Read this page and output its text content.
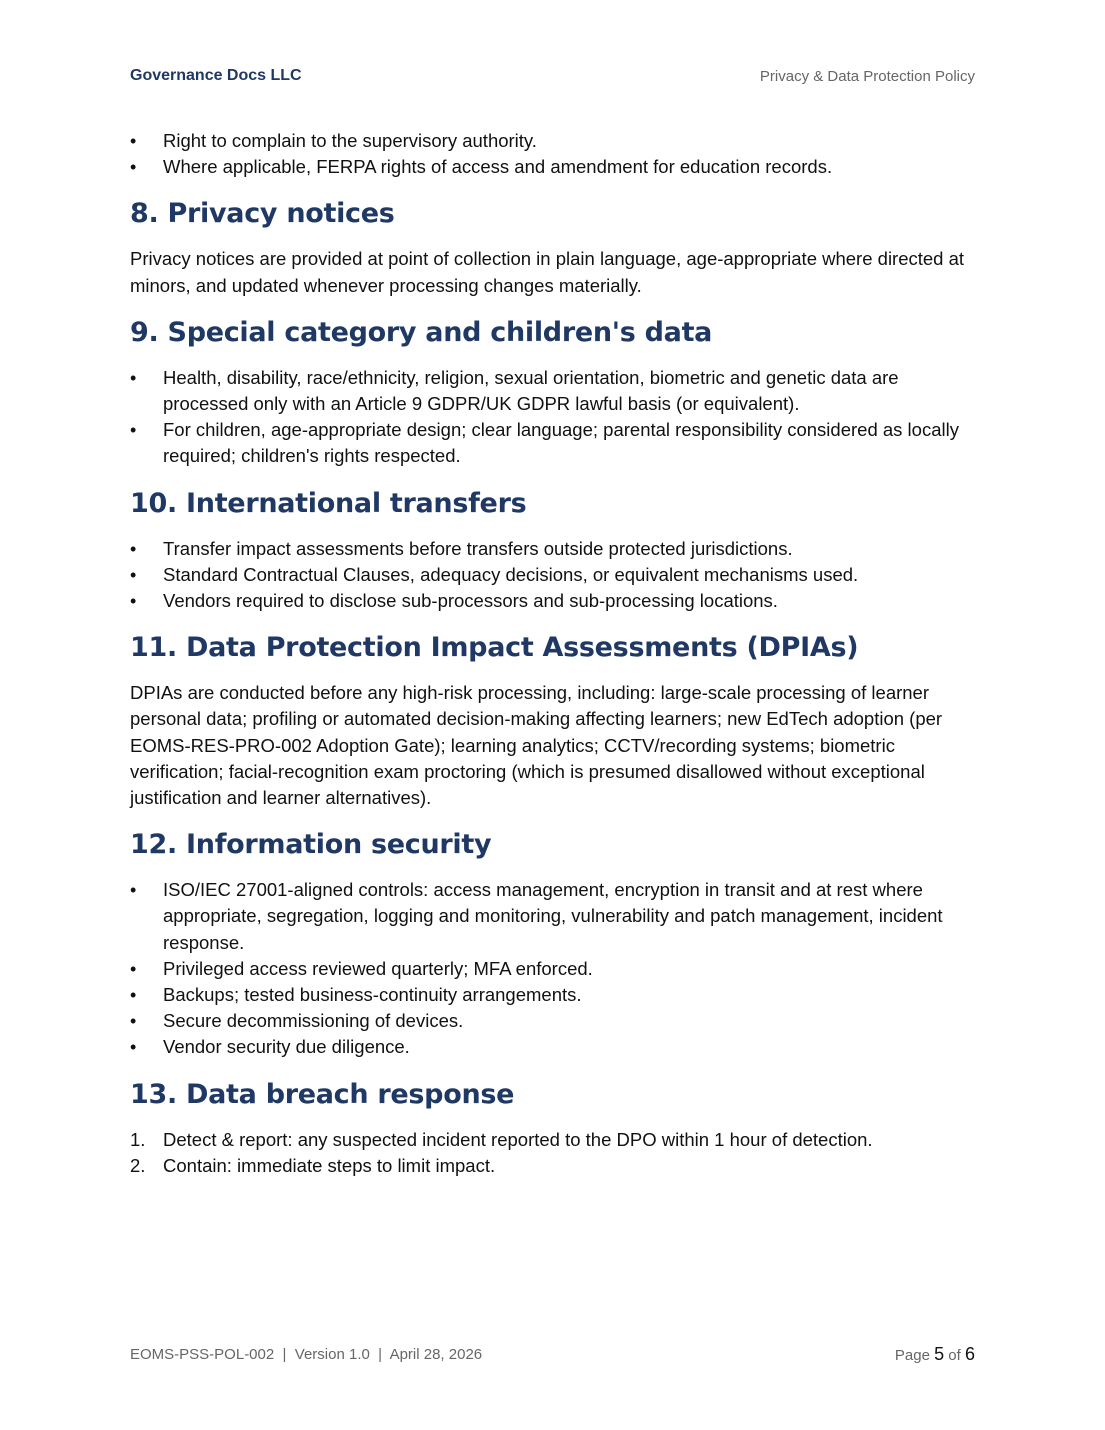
Governance Docs LLC	Privacy & Data Protection Policy
• Right to complain to the supervisory authority.
• Where applicable, FERPA rights of access and amendment for education records.
8. Privacy notices

Privacy notices are provided at point of collection in plain language, age-appropriate where directed at minors, and updated whenever processing changes materially.

9. Special category and children's data
• Health, disability, race/ethnicity, religion, sexual orientation, biometric and genetic data are processed only with an Article 9 GDPR/UK GDPR lawful basis (or equivalent).
• For children, age-appropriate design; clear language; parental responsibility considered as locally required; children's rights respected.
10. International transfers
• Transfer impact assessments before transfers outside protected jurisdictions.
• Standard Contractual Clauses, adequacy decisions, or equivalent mechanisms used.
• Vendors required to disclose sub-processors and sub-processing locations.
11. Data Protection Impact Assessments (DPIAs)

DPIAs are conducted before any high-risk processing, including: large-scale processing of learner personal data; profiling or automated decision-making affecting learners; new EdTech adoption (per EOMS-RES-PRO-002 Adoption Gate); learning analytics; CCTV/recording systems; biometric verification; facial-recognition exam proctoring (which is presumed disallowed without exceptional justification and learner alternatives).

12. Information security
• ISO/IEC 27001-aligned controls: access management, encryption in transit and at rest where appropriate, segregation, logging and monitoring, vulnerability and patch management, incident response.
• Privileged access reviewed quarterly; MFA enforced.
• Backups; tested business-continuity arrangements.
• Secure decommissioning of devices.
• Vendor security due diligence.
13. Data breach response
1. Detect & report: any suspected incident reported to the DPO within 1 hour of detection.
2. Contain: immediate steps to limit impact.
EOMS-PSS-POL-002  |  Version 1.0  |  April 28, 2026	Page 5 of 6
